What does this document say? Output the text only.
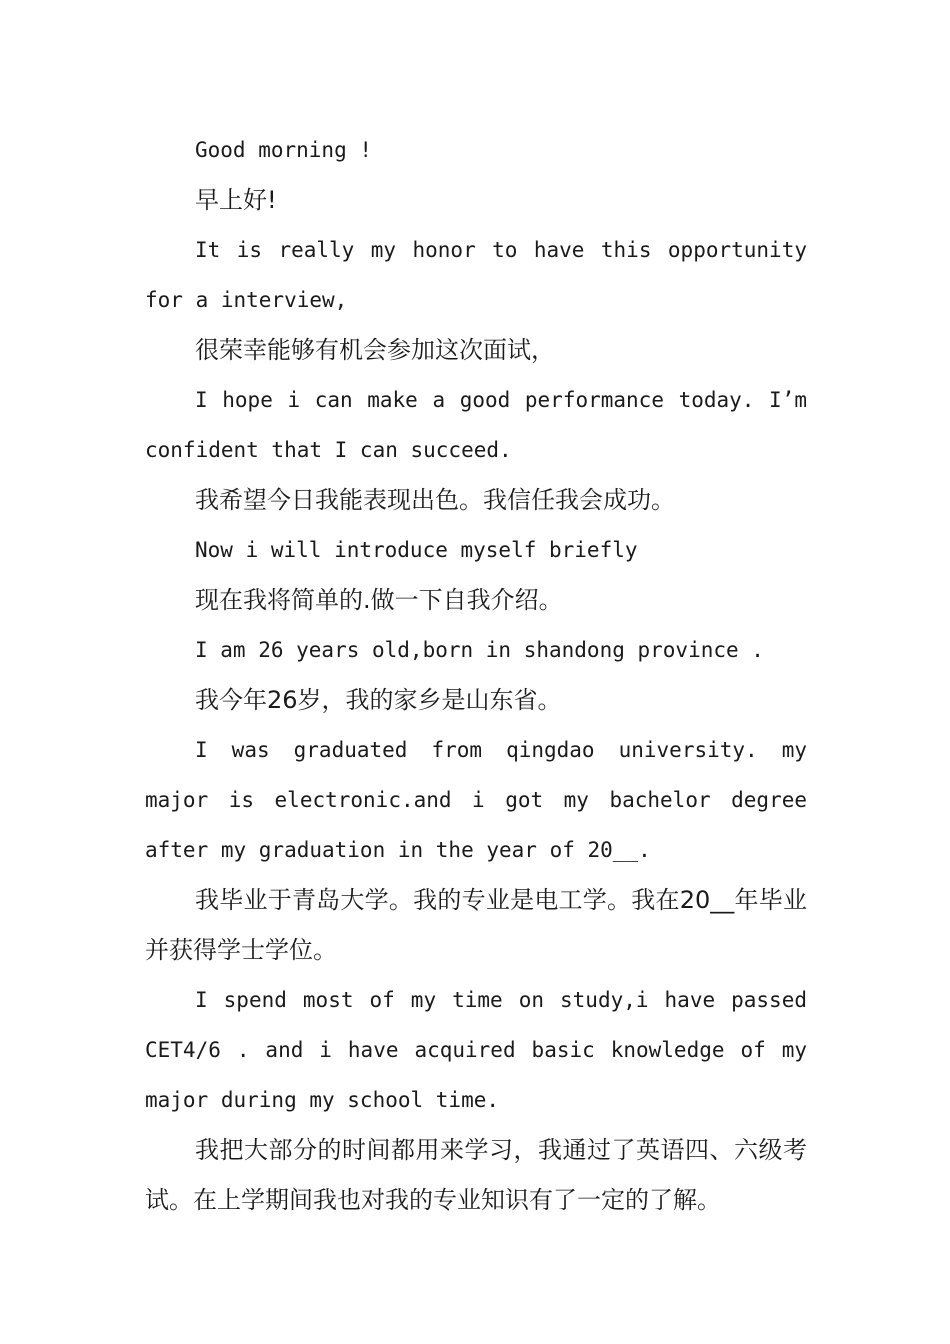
Good morning !

早上好!

It is really my honor to have this opportunity for a interview,

很荣幸能够有机会参加这次面试，

I hope i can make a good performance today. I’m confident that I can succeed.

我希望今日我能表现出色。我信任我会成功。

Now i will introduce myself briefly

现在我将简单的.做一下自我介绍。

I am 26 years old,born in shandong province .

我今年26岁，我的家乡是山东省。

I was graduated from qingdao university. my major is electronic.and i got my bachelor degree after my graduation in the year of 20__.

我毕业于青岛大学。我的专业是电工学。我在20__年毕业并获得学士学位。

I spend most of my time on study,i have passed CET4/6 . and i have acquired basic knowledge of my major during my school time.

我把大部分的时间都用来学习，我通过了英语四、六级考试。在上学期间我也对我的专业知识有了一定的了解。
